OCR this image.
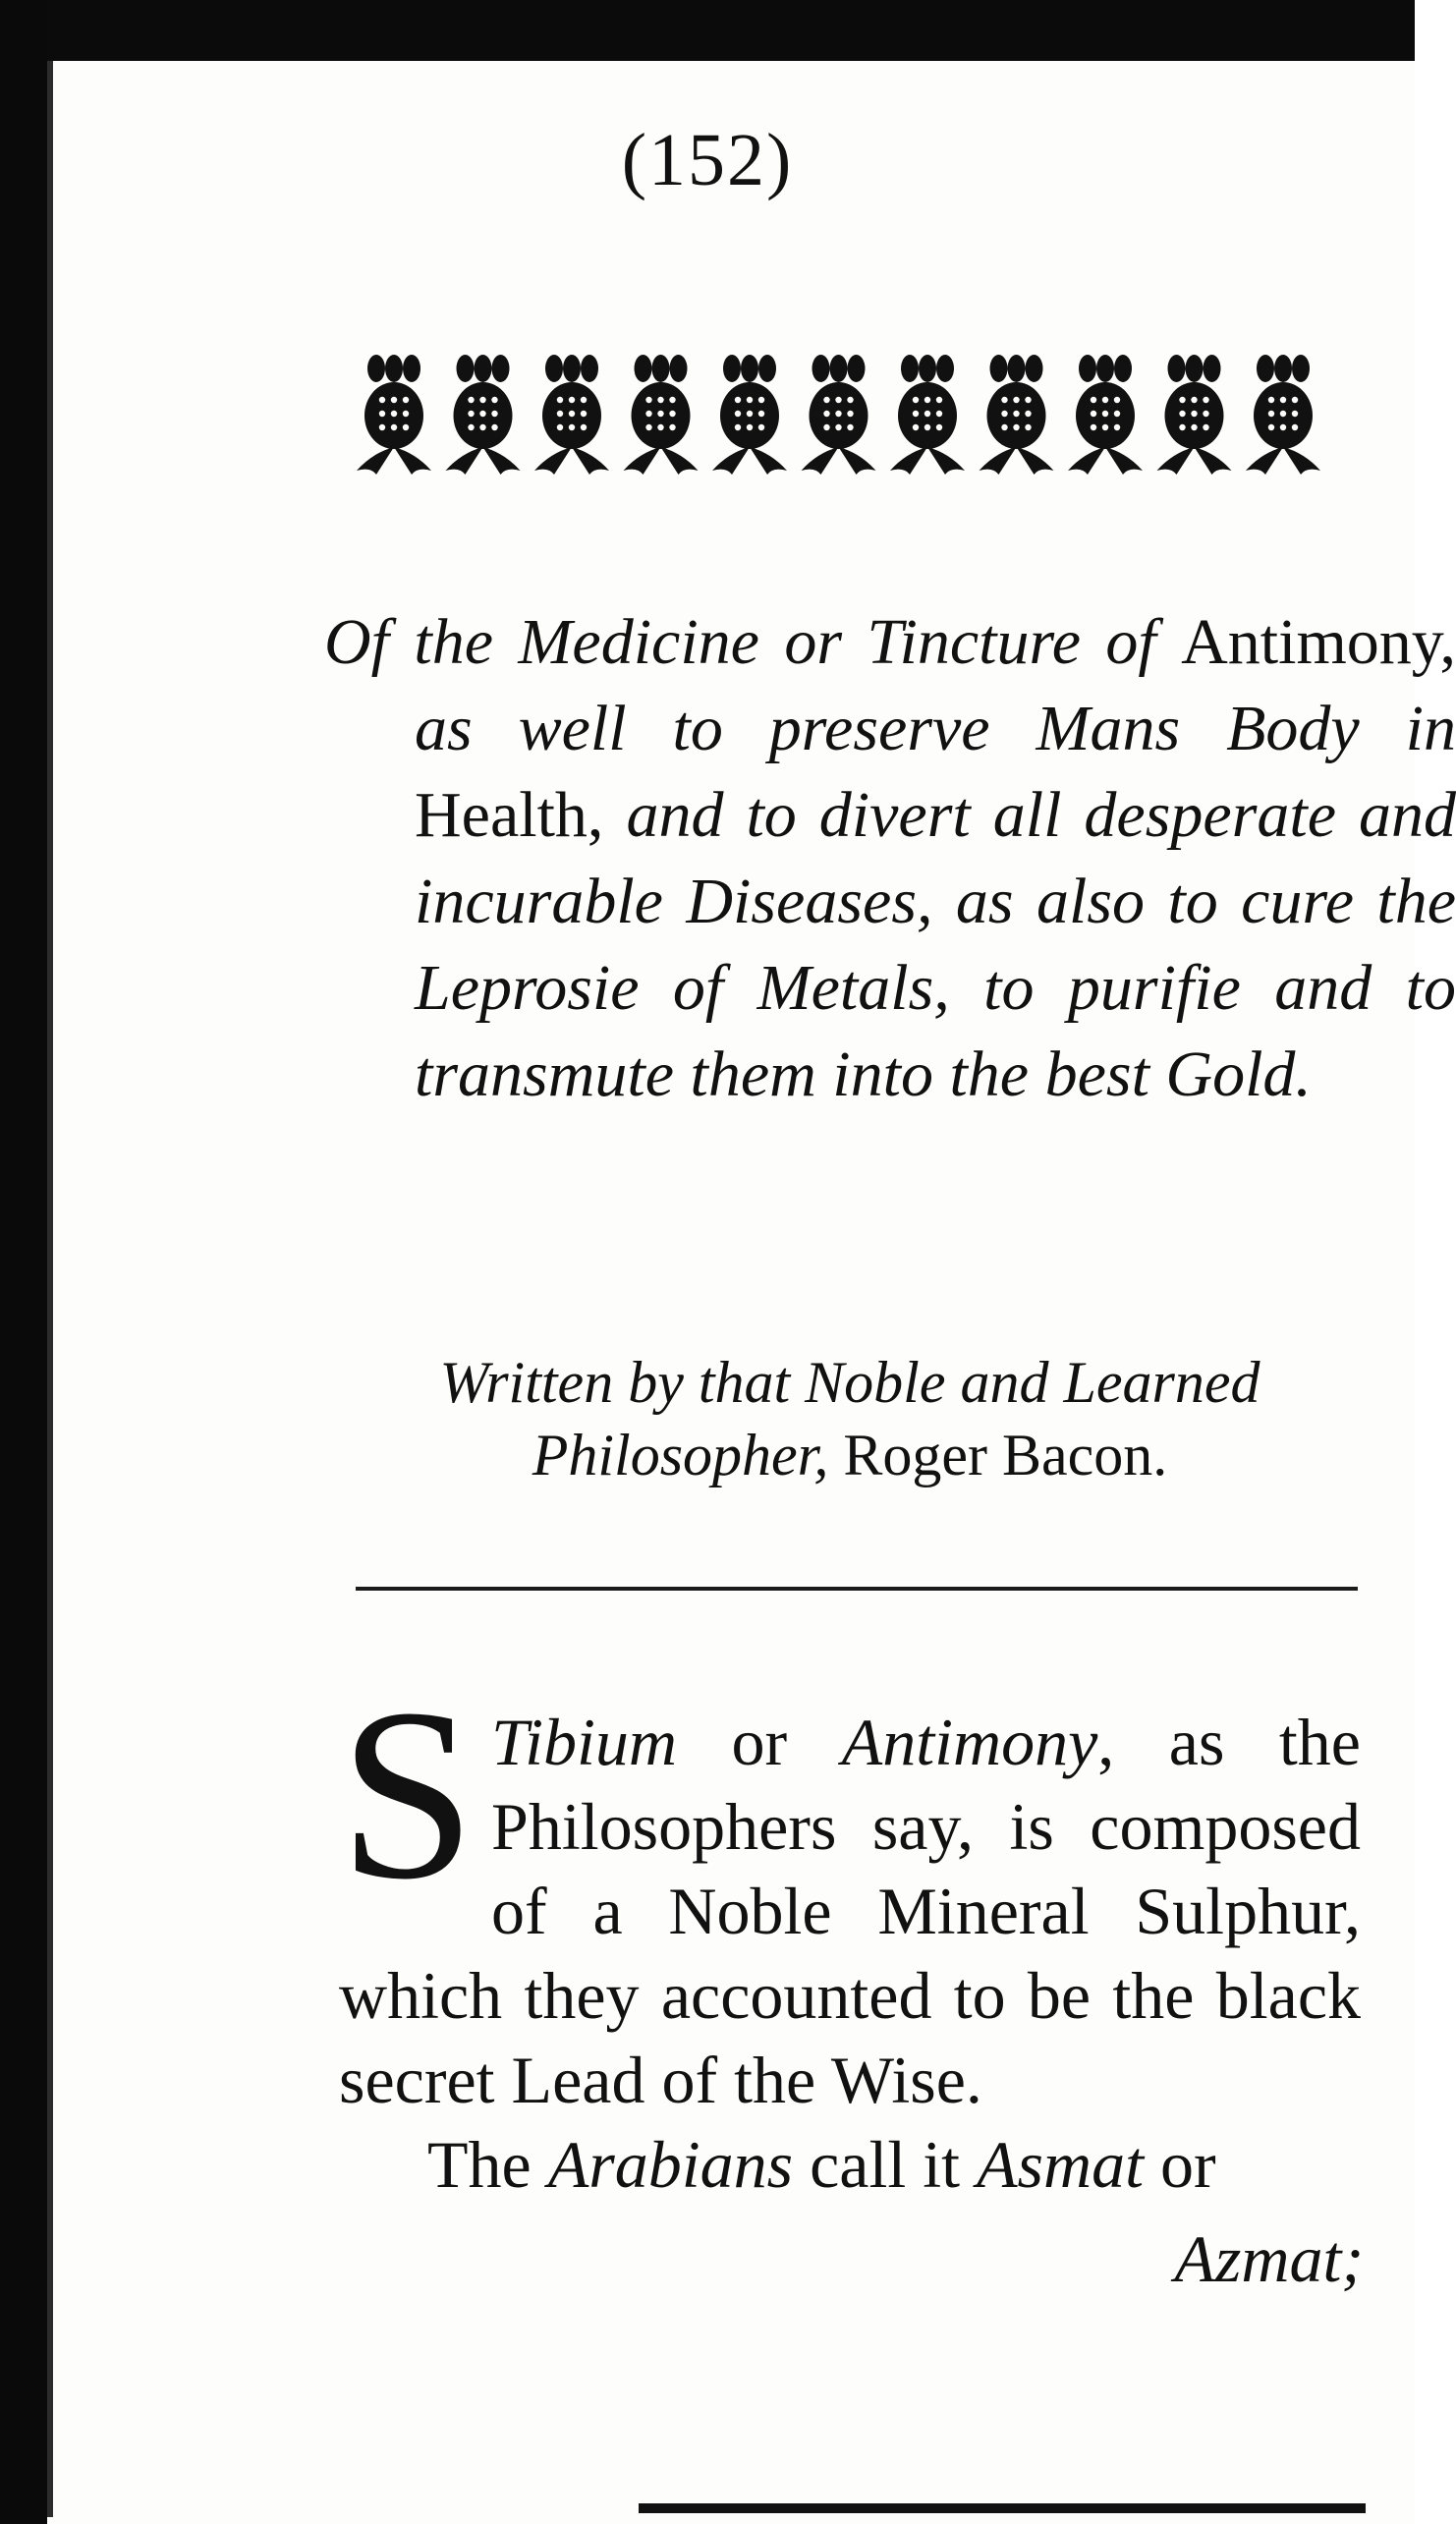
(152)
Of the Medicine or Tincture of Antimony, as well to preserve Mans Body in Health, and to divert all desperate and incurable Diseases, as also to cure the Leprosie of Metals, to purifie and to transmute them into the best Gold.
Written by that Noble and Learned Philosopher, Roger Bacon.

S Tibium or Antimony, as the Philosophers say, is composed of a Noble Mineral Sulphur, which they accounted to be the black secret Lead of the Wise.

The Arabians call it Asmat or

Azmat;
